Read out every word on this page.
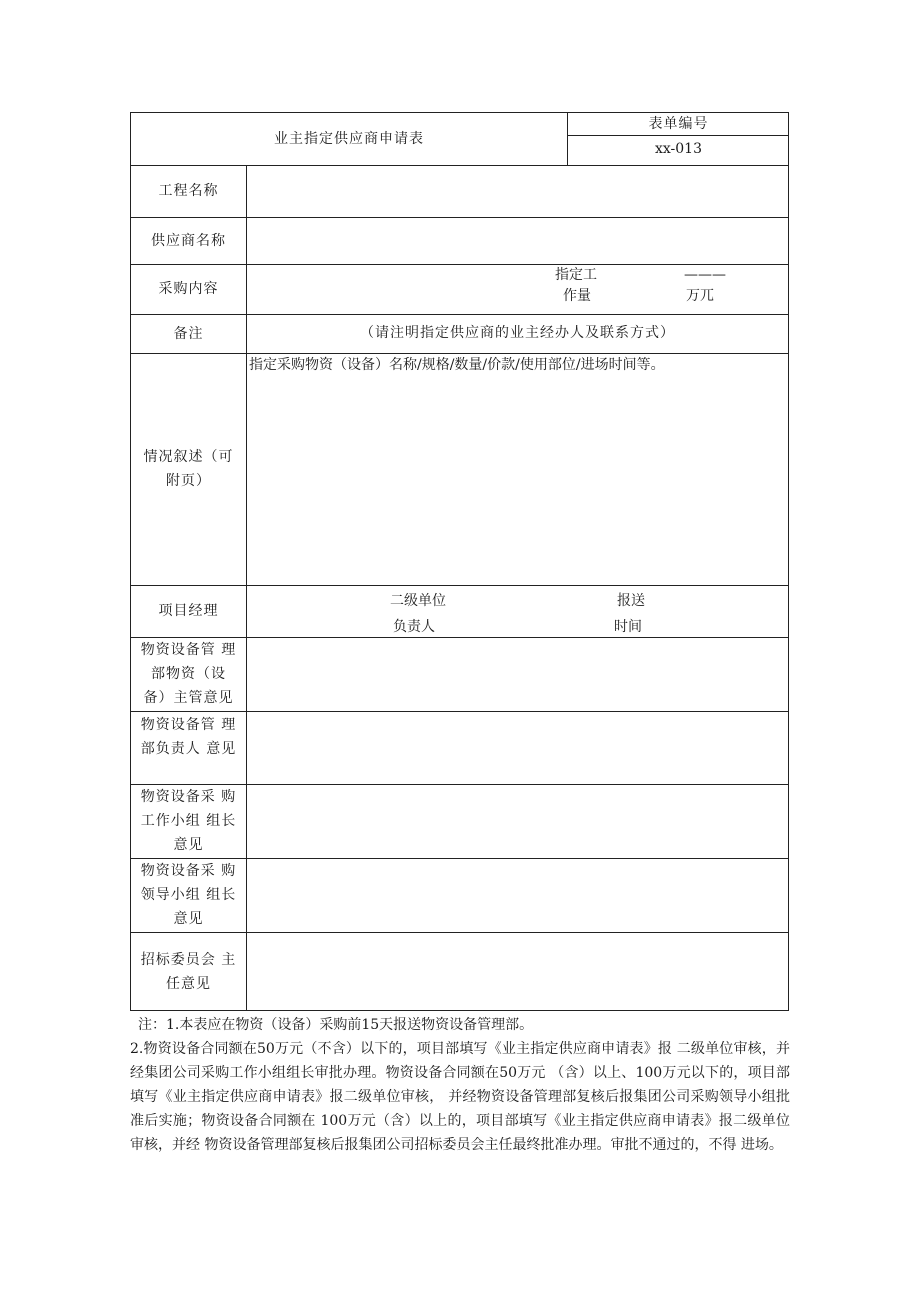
业主指定供应商申请表
表单编号
xx-013
工程名称
供应商名称
采购内容
指定工
作量
———
万兀
备注	（请注明指定供应商的业主经办人及联系方式）
情况叙述（可
附页）
指定采购物资（设备）名称/规格/数量/价款/使用部位/进场时间等。
项目经理
二级单位
负责人
报送
时间
物资设备管 理
部物资（设
备）主管意见
物资设备管 理
部负责人 意见
物资设备采 购
工作小组 组长
意见
物资设备采 购
领导小组 组长
意见
招标委员会 主
任意见

注：1.本表应在物资（设备）采购前15天报送物资设备管理部。

2.物资设备合同额在50万元（不含）以下的，项目部填写《业主指定供应商申请表》报 二级单位审核，并经集团公司采购工作小组组长审批办理。物资设备合同额在50万元 （含）以上、100万元以下的，项目部填写《业主指定供应商申请表》报二级单位审核， 并经物资设备管理部复核后报集团公司采购领导小组批准后实施；物资设备合同额在 100万元（含）以上的，项目部填写《业主指定供应商申请表》报二级单位审核，并经 物资设备管理部复核后报集团公司招标委员会主任最终批准办理。审批不通过的，不得 进场。
